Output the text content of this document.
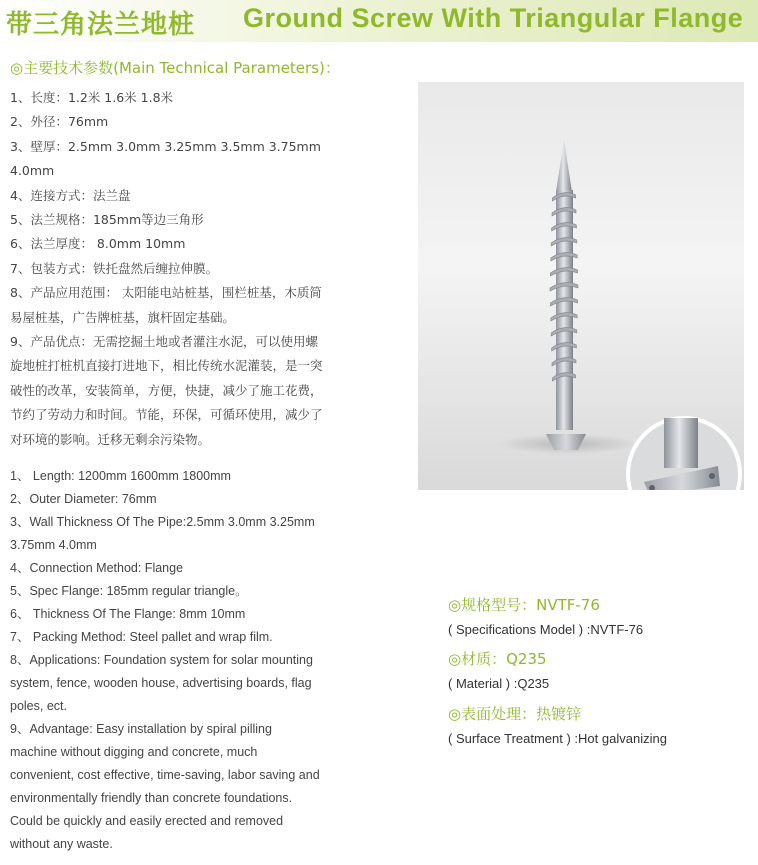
带三角法兰地桩 Ground Screw With Triangular Flange
◎主要技术参数(Main Technical Parameters)：
1、长度：1.2米 1.6米 1.8米
2、外径：76mm
3、壁厚：2.5mm 3.0mm 3.25mm 3.5mm 3.75mm
4.0mm
4、连接方式：法兰盘
5、法兰规格：185mm等边三角形
6、法兰厚度： 8.0mm 10mm
7、包装方式：铁托盘然后缠拉伸膜。
8、产品应用范围： 太阳能电站桩基，围栏桩基，木质简
易屋桩基，广告牌桩基，旗杆固定基础。
9、产品优点：无需挖掘土地或者灌注水泥，可以使用螺
旋地桩打桩机直接打进地下，相比传统水泥灌装，是一突
破性的改革，安装简单，方便，快捷，减少了施工花费，
节约了劳动力和时间。节能，环保，可循环使用，减少了
对环境的影响。迁移无剩余污染物。
1、 Length: 1200mm 1600mm 1800mm
2、Outer Diameter: 76mm
3、Wall Thickness Of The Pipe:2.5mm 3.0mm 3.25mm
3.75mm 4.0mm
4、Connection Method: Flange
5、Spec Flange: 185mm regular triangle。
6、 Thickness Of The Flange: 8mm 10mm
7、 Packing Method: Steel pallet and wrap film.
8、Applications: Foundation system for solar mounting
system, fence, wooden house, advertising boards, flag
poles, ect.
9、Advantage: Easy installation by spiral pilling
machine without digging and concrete, much
convenient, cost effective, time-saving, labor saving and
environmentally friendly than concrete foundations.
Could be quickly and easily erected and removed
without any waste.
◎规格型号：NVTF-76
( Specifications Model ) :NVTF-76
◎材质：Q235
( Material ) :Q235
◎表面处理：热镀锌
( Surface Treatment ) :Hot galvanizing
